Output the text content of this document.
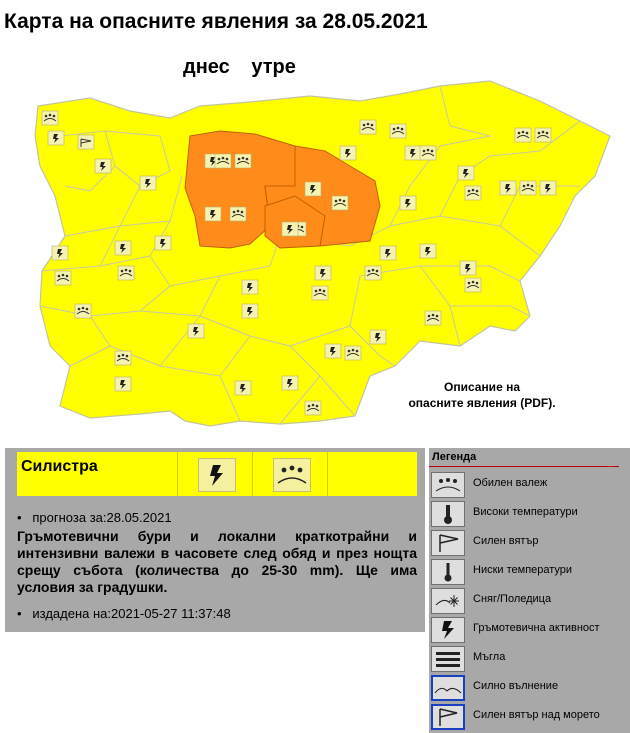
Карта на опасните явления за 28.05.2021
днес утре
Описание на
опасните явления (PDF).
Силистра
•   прогноза за:28.05.2021
Гръмотевични бури и локални краткотрайни и интензивни валежи в часовете след обяд и през нощта срещу събота (количества до 25-30 mm). Ще има условия за градушки.
•   издадена на:2021-05-27 11:37:48
Легенда
Обилен валеж
Високи температури
Силен вятър
Ниски температури
Сняг/Поледица
Гръмотевична активност
Мъгла
Силно вълнение
Силен вятър над морето
